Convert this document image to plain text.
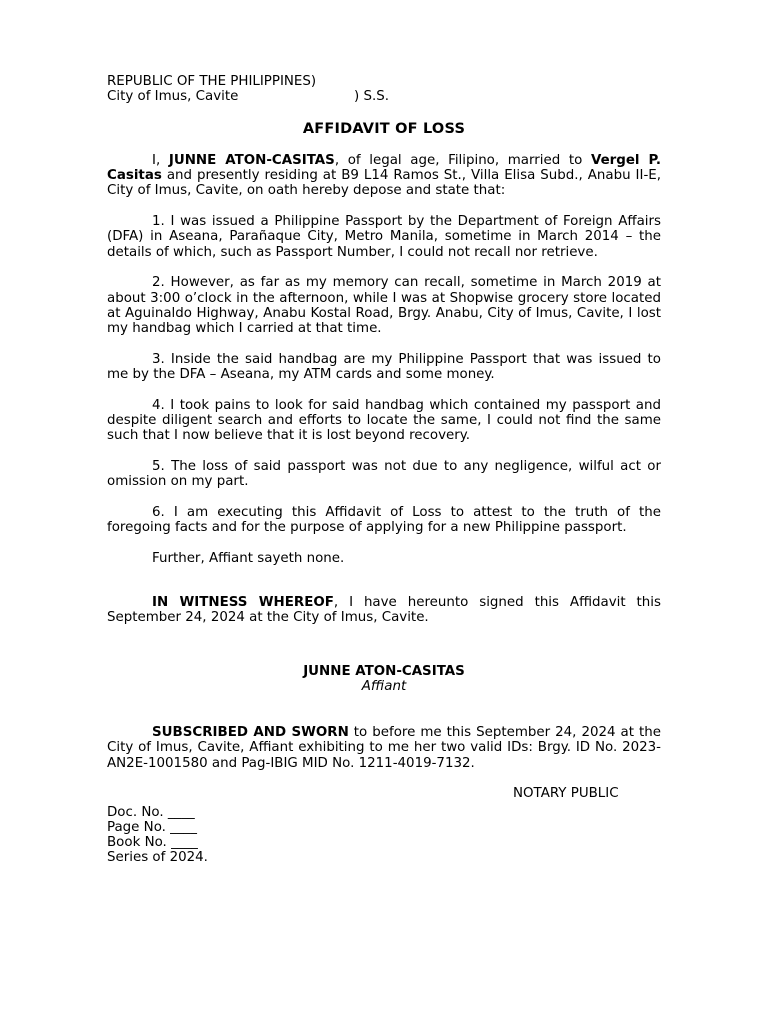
REPUBLIC OF THE PHILIPPINES)
City of Imus, Cavite	) S.S.
AFFIDAVIT OF LOSS

I, JUNNE ATON-CASITAS, of legal age, Filipino, married to Vergel P. Casitas and presently residing at B9 L14 Ramos St., Villa Elisa Subd., Anabu II-E, City of Imus, Cavite, on oath hereby depose and state that:

1. I was issued a Philippine Passport by the Department of Foreign Affairs (DFA) in Aseana, Parañaque City, Metro Manila, sometime in March 2014 – the details of which, such as Passport Number, I could not recall nor retrieve.

2. However, as far as my memory can recall, sometime in March 2019 at about 3:00 o’clock in the afternoon, while I was at Shopwise grocery store located at Aguinaldo Highway, Anabu Kostal Road, Brgy. Anabu, City of Imus, Cavite, I lost my handbag which I carried at that time.

3. Inside the said handbag are my Philippine Passport that was issued to me by the DFA – Aseana, my ATM cards and some money.

4. I took pains to look for said handbag which contained my passport and despite diligent search and efforts to locate the same, I could not find the same such that I now believe that it is lost beyond recovery.

5. The loss of said passport was not due to any negligence, wilful act or omission on my part.

6. I am executing this Affidavit of Loss to attest to the truth of the foregoing facts and for the purpose of applying for a new Philippine passport.

Further, Affiant sayeth none.

IN WITNESS WHEREOF, I have hereunto signed this Affidavit this September 24, 2024 at the City of Imus, Cavite.

JUNNE ATON-CASITAS
Affiant

SUBSCRIBED AND SWORN to before me this September 24, 2024 at the City of Imus, Cavite, Affiant exhibiting to me her two valid IDs: Brgy. ID No. 2023-AN2E-1001580 and Pag-IBIG MID No. 1211-4019-7132.

NOTARY PUBLIC
Doc. No. ____
Page No. ____
Book No. ____
Series of 2024.
